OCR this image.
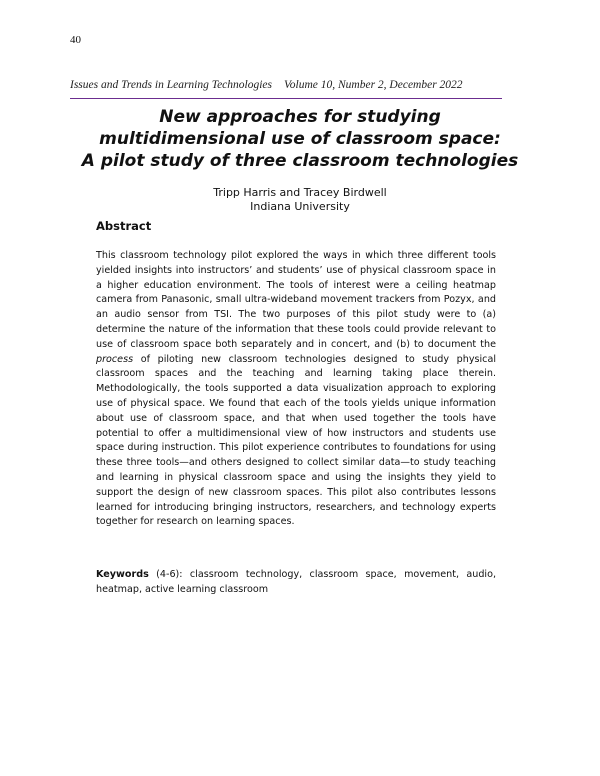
40
Issues and Trends in Learning Technologies Volume 10, Number 2, December 2022
New approaches for studying
multidimensional use of classroom space:
A pilot study of three classroom technologies
Tripp Harris and Tracey Birdwell
Indiana University
Abstract
This classroom technology pilot explored the ways in which three different tools yielded insights into instructors’ and students’ use of physical classroom space in a higher education environment. The tools of interest were a ceiling heatmap camera from Panasonic, small ultra-wideband movement trackers from Pozyx, and an audio sensor from TSI. The two purposes of this pilot study were to (a) determine the nature of the information that these tools could provide relevant to use of classroom space both separately and in concert, and (b) to document the process of piloting new classroom technologies designed to study physical classroom spaces and the teaching and learning taking place therein. Methodologically, the tools supported a data visualization approach to exploring use of physical space. We found that each of the tools yields unique information about use of classroom space, and that when used together the tools have potential to offer a multidimensional view of how instructors and students use space during instruction. This pilot experience contributes to foundations for using these three tools—and others designed to collect similar data—to study teaching and learning in physical classroom space and using the insights they yield to support the design of new classroom spaces. This pilot also contributes lessons learned for introducing bringing instructors, researchers, and technology experts together for research on learning spaces.
Keywords (4-6): classroom technology, classroom space, movement, audio, heatmap, active learning classroom
